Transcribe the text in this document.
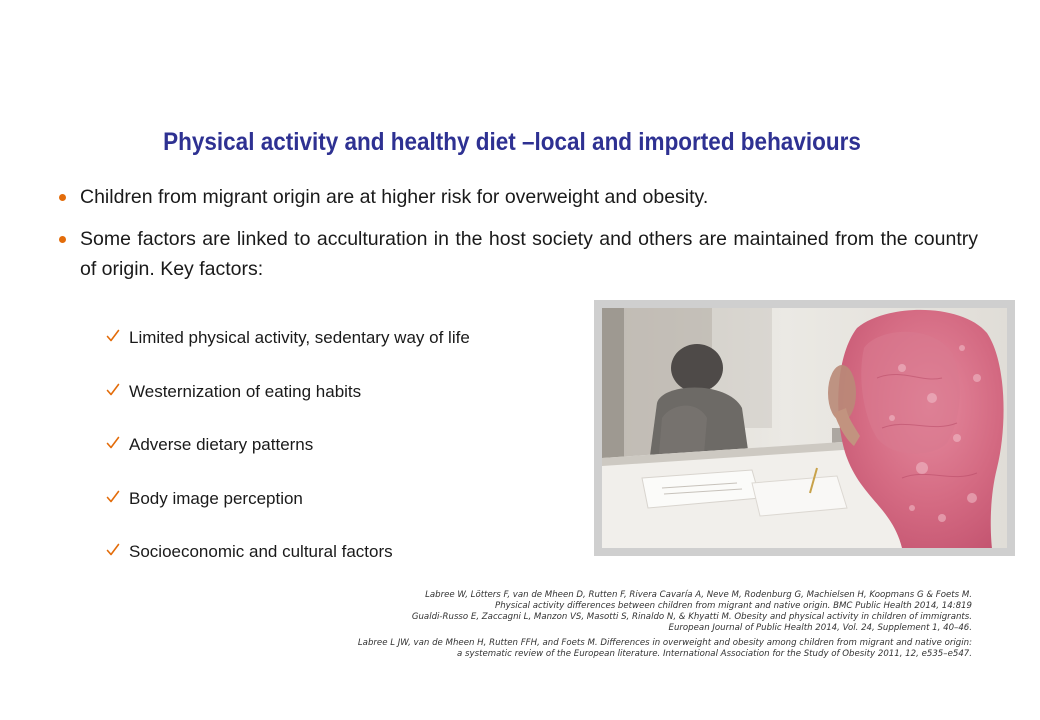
Physical activity and healthy diet –local and imported behaviours
Children from migrant origin are at higher risk for overweight and obesity.
Some factors are linked to acculturation in the host society and others are maintained from the country of origin. Key factors:
Limited physical activity, sedentary way of life
Westernization of eating habits
Adverse dietary patterns
Body image perception
Socioeconomic and cultural factors
Labree W, Lötters F, van de Mheen D, Rutten F, Rivera Cavaría A, Neve M, Rodenburg G, Machielsen H, Koopmans G & Foets M.
Physical activity differences between children from migrant and native origin. BMC Public Health 2014, 14:819
Gualdi-Russo E, Zaccagni L, Manzon VS, Masotti S, Rinaldo N, & Khyatti M. Obesity and physical activity in children of immigrants.
European Journal of Public Health 2014, Vol. 24, Supplement 1, 40–46.
Labree L JW, van de Mheen H, Rutten FFH, and Foets M. Differences in overweight and obesity among children from migrant and native origin:
a systematic review of the European literature. International Association for the Study of Obesity 2011, 12, e535–e547.
